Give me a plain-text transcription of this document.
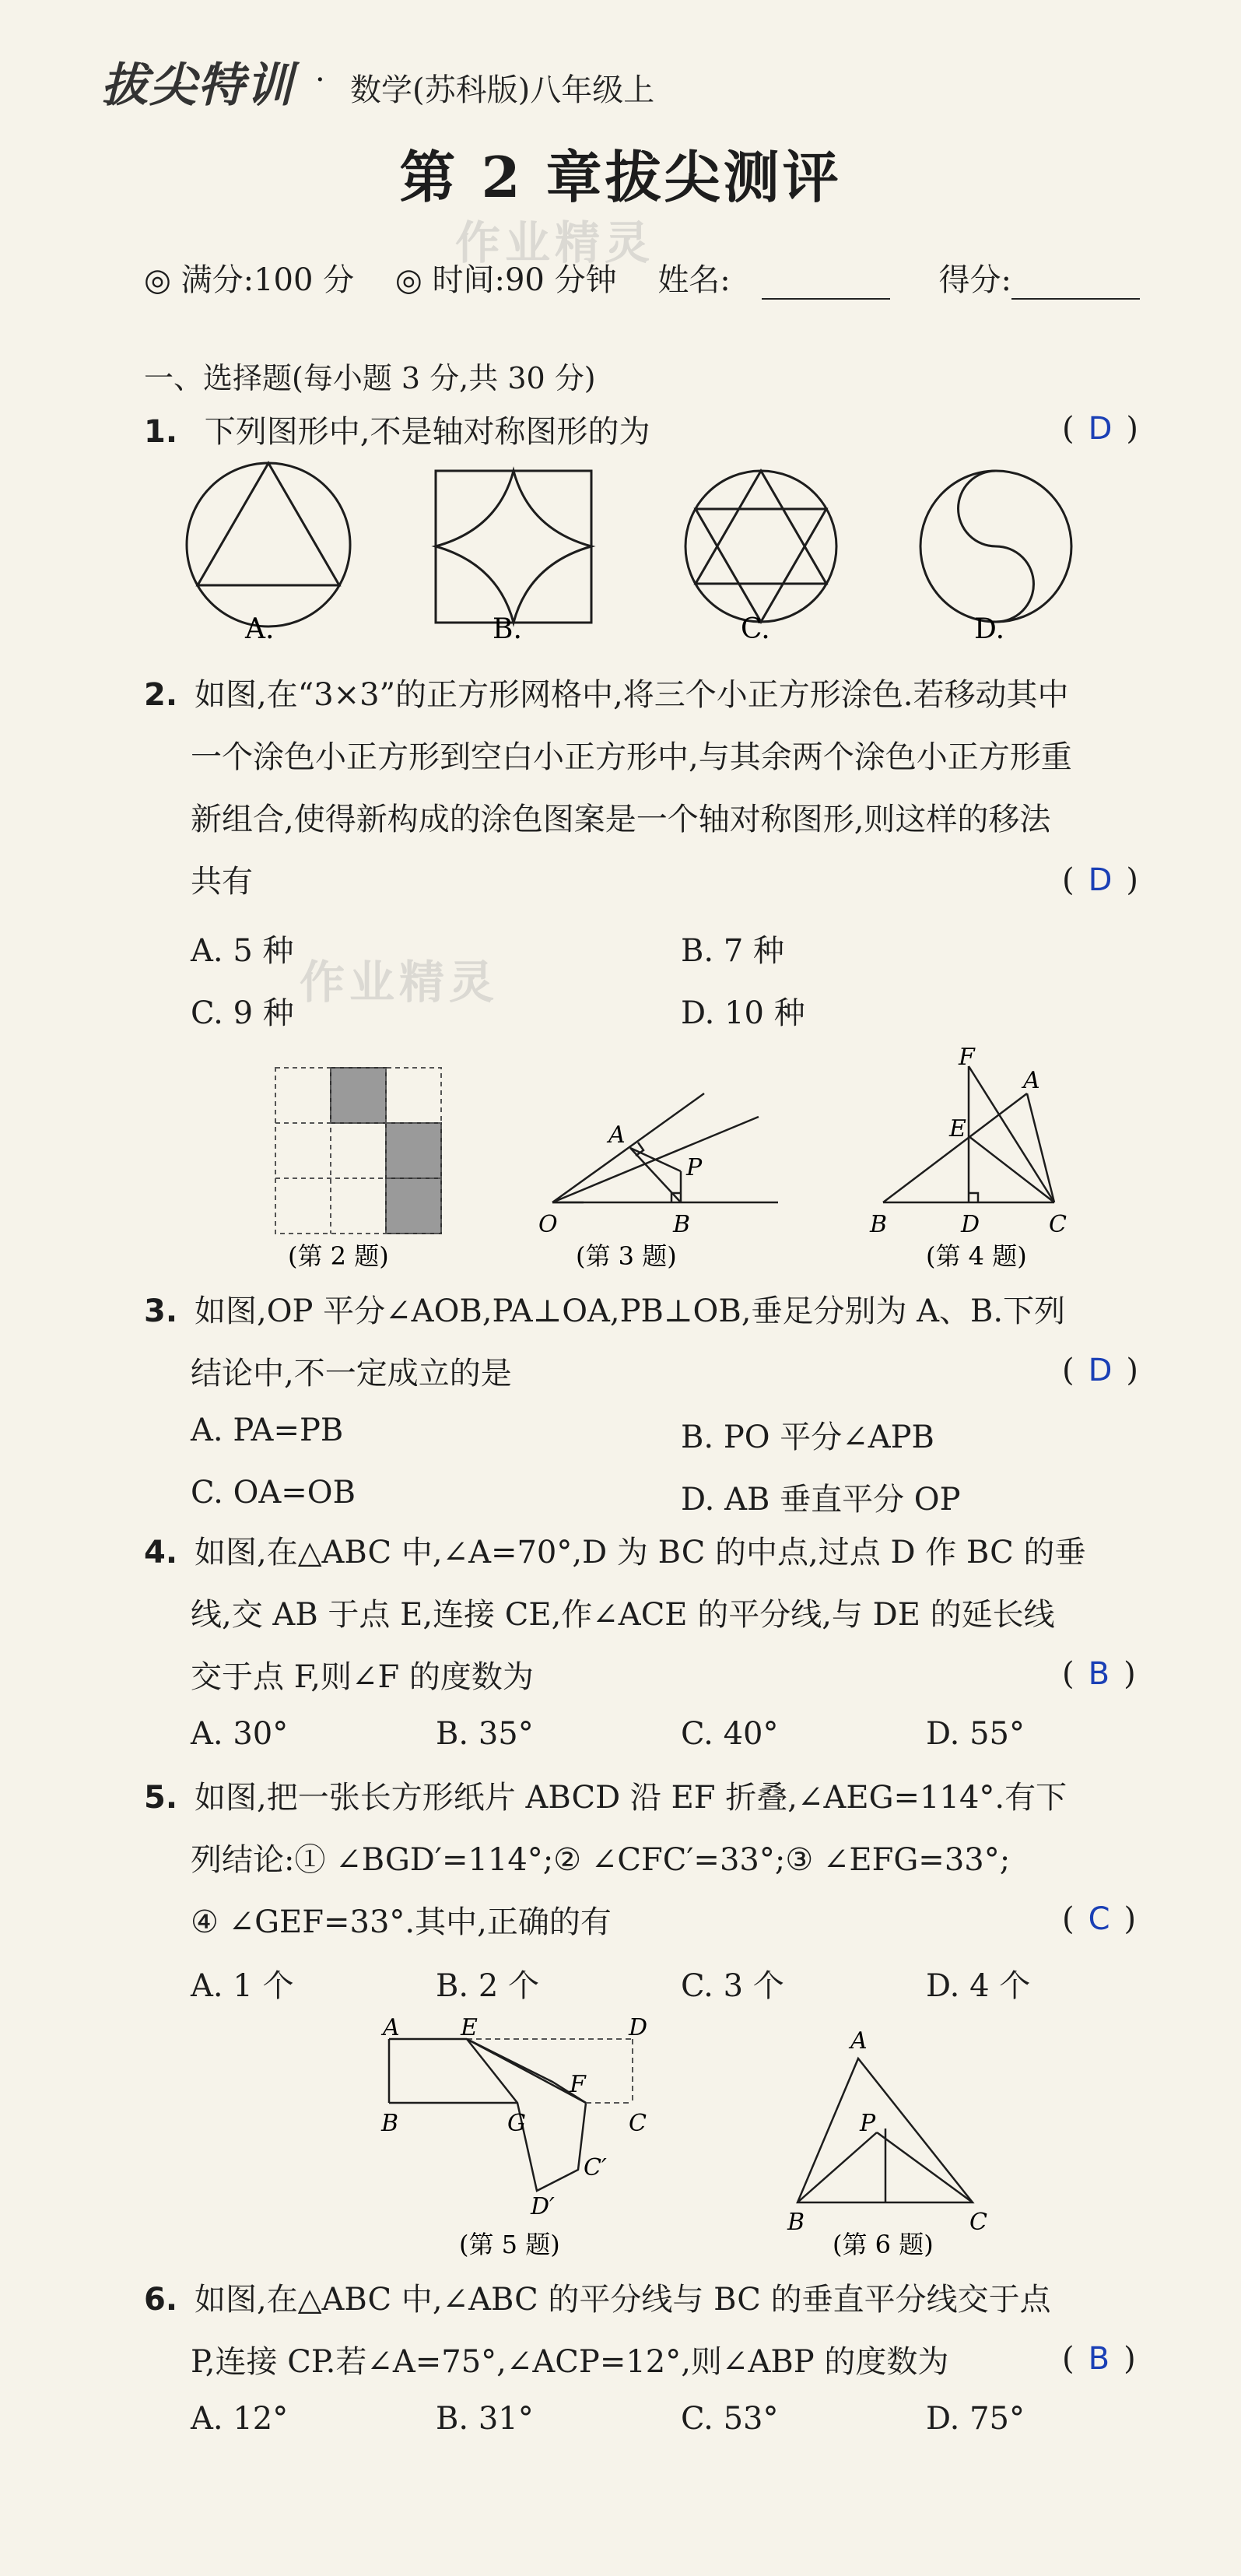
拔尖特训 · 数学(苏科版)八年级上
第 2 章拔尖测评
作业精灵
◎ 满分:100 分 ◎ 时间:90 分钟 姓名:	得分:
一、选择题(每小题 3 分,共 30 分)
1. 下列图形中,不是轴对称图形的为	( D )
A.	B.	C.	D.
2. 如图,在“3×3”的正方形网格中,将三个小正方形涂色.若移动其中
一个涂色小正方形到空白小正方形中,与其余两个涂色小正方形重
新组合,使得新构成的涂色图案是一个轴对称图形,则这样的移法
共有	( D )
A. 5 种	B. 7 种
C. 9 种	D. 10 种
作业精灵
(第 2 题)
A
P
O	B
(第 3 题)
F
A
E
B	D	C
(第 4 题)
3. 如图,OP 平分∠AOB,PA⊥OA,PB⊥OB,垂足分别为 A、B.下列
结论中,不一定成立的是	( D )
A. PA=PB	B. PO 平分∠APB
C. OA=OB	D. AB 垂直平分 OP
4. 如图,在△ABC 中,∠A=70°,D 为 BC 的中点,过点 D 作 BC 的垂
线,交 AB 于点 E,连接 CE,作∠ACE 的平分线,与 DE 的延长线
交于点 F,则∠F 的度数为	( B )
A. 30°	B. 35°	C. 40°	D. 55°
5. 如图,把一张长方形纸片 ABCD 沿 EF 折叠,∠AEG=114°.有下
列结论:① ∠BGD′=114°;② ∠CFC′=33°;③ ∠EFG=33°;
④ ∠GEF=33°.其中,正确的有	( C )
A. 1 个	B. 2 个	C. 3 个	D. 4 个
A	E	D
F
B	G	C
C′
D′
(第 5 题)
A
P
B	C
(第 6 题)
6. 如图,在△ABC 中,∠ABC 的平分线与 BC 的垂直平分线交于点
P,连接 CP.若∠A=75°,∠ACP=12°,则∠ABP 的度数为	( B )
A. 12°	B. 31°	C. 53°	D. 75°
